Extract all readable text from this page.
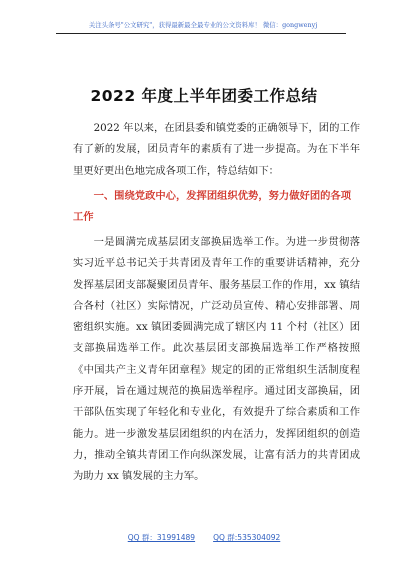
关注头条号"公文研究"，获得最新最全最专业的公文资料库！ 微信：gongwenyj
2022 年度上半年团委工作总结

2022 年以来，在团县委和镇党委的正确领导下，团的工作有了新的发展，团员青年的素质有了进一步提高。为在下半年里更好更出色地完成各项工作，特总结如下：

一、围绕党政中心，发挥团组织优势，努力做好团的各项工作

一是圆满完成基层团支部换届选举工作。为进一步贯彻落实习近平总书记关于共青团及青年工作的重要讲话精神，充分发挥基层团支部凝聚团员青年、服务基层工作的作用，xx 镇结合各村（社区）实际情况，广泛动员宣传、精心安排部署、周密组织实施。xx 镇团委圆满完成了辖区内 11 个村（社区）团支部换届选举工作。此次基层团支部换届选举工作严格按照《中国共产主义青年团章程》规定的团的正常组织生活制度程序开展，旨在通过规范的换届选举程序。通过团支部换届，团干部队伍实现了年轻化和专业化，有效提升了综合素质和工作能力。进一步激发基层团组织的内在活力，发挥团组织的创造力，推动全镇共青团工作向纵深发展，让富有活力的共青团成为助力 xx 镇发展的主力军。

QQ 群：31991489 QQ 群:535304092
